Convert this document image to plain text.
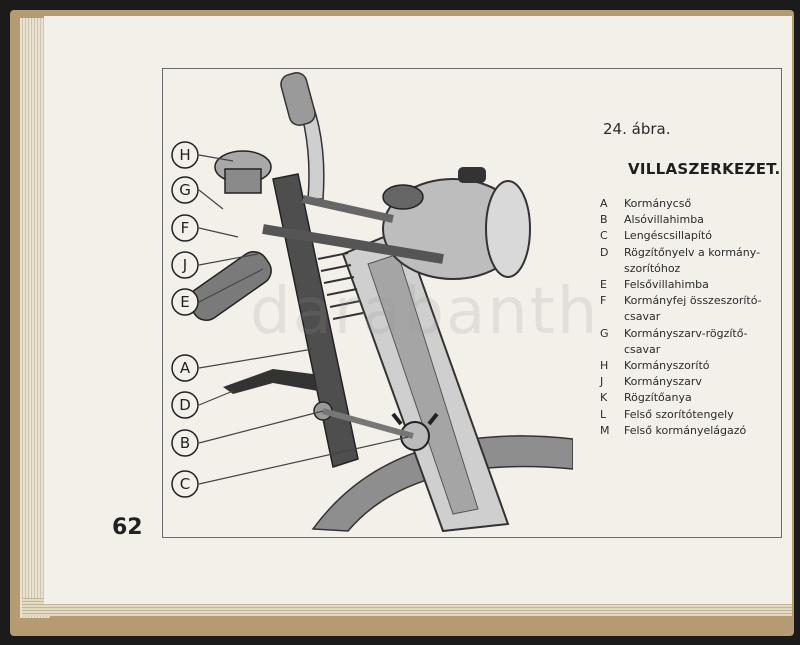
H
G
F
J
E
A
D
B
C
24. ábra.
VILLASZERKEZET.
A	Kormánycső
B	Alsóvillahimba
C	Lengéscsillapító
D	Rögzítőnyelv a kormány-
szorítóhoz
E	Felsővillahimba
F	Kormányfej összeszorító-
csavar
G	Kormányszarv-rögzítő-
csavar
H	Kormányszorító
J	Kormányszarv
K	Rögzítőanya
L	Felső szorítótengely
M	Felső kormányelágazó
62
darabanth
